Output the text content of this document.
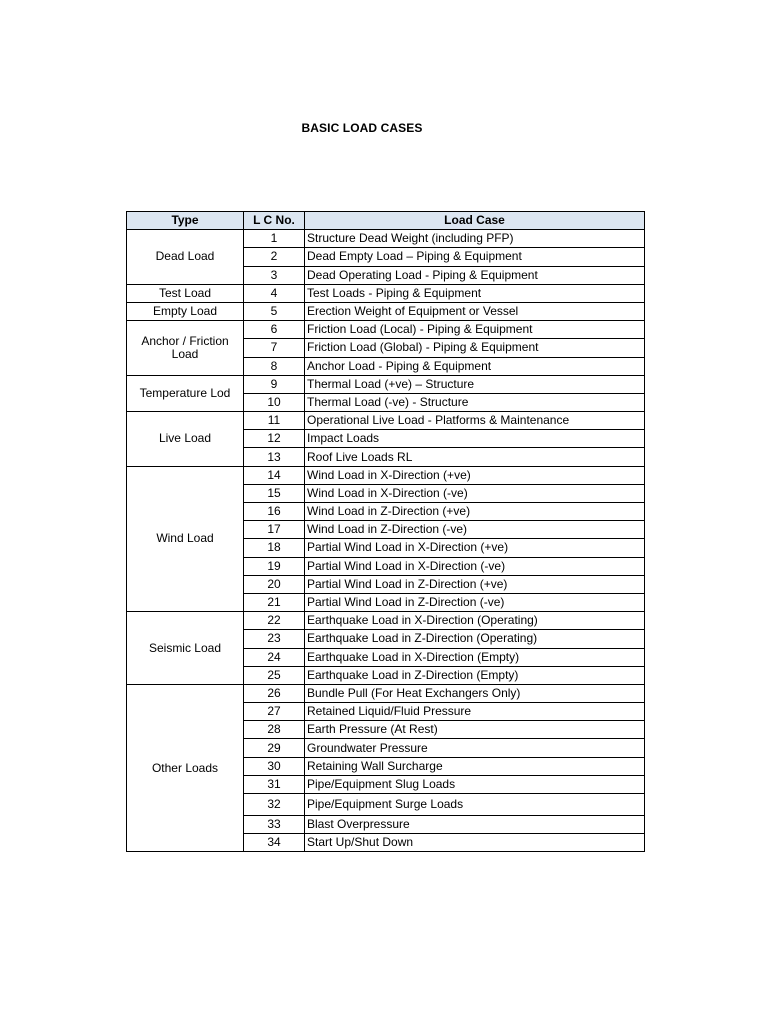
BASIC LOAD CASES
Type	L C No.	Load Case
Dead Load	1	Structure Dead Weight (including PFP)
	2	Dead Empty Load – Piping & Equipment
	3	Dead Operating Load - Piping & Equipment
Test Load	4	Test Loads - Piping & Equipment
Empty Load	5	Erection Weight of Equipment or Vessel
Anchor / Friction Load	6	Friction Load (Local) - Piping & Equipment
	7	Friction Load (Global) - Piping & Equipment
	8	Anchor Load - Piping & Equipment
Temperature Lod	9	Thermal Load (+ve) – Structure
	10	Thermal Load (-ve) - Structure
Live Load	11	Operational Live Load - Platforms & Maintenance
	12	Impact Loads
	13	Roof Live Loads RL
Wind Load	14	Wind Load in X-Direction (+ve)
	15	Wind Load in X-Direction (-ve)
	16	Wind Load in Z-Direction (+ve)
	17	Wind Load in Z-Direction (-ve)
	18	Partial Wind Load in X-Direction (+ve)
	19	Partial Wind Load in X-Direction (-ve)
	20	Partial Wind Load in Z-Direction (+ve)
	21	Partial Wind Load in Z-Direction (-ve)
Seismic Load	22	Earthquake Load in X-Direction (Operating)
	23	Earthquake Load in Z-Direction (Operating)
	24	Earthquake Load in X-Direction (Empty)
	25	Earthquake Load in Z-Direction (Empty)
Other Loads	26	Bundle Pull (For Heat Exchangers Only)
	27	Retained Liquid/Fluid Pressure
	28	Earth Pressure (At Rest)
	29	Groundwater Pressure
	30	Retaining Wall Surcharge
	31	Pipe/Equipment Slug Loads
	32	Pipe/Equipment Surge Loads
	33	Blast Overpressure
	34	Start Up/Shut Down
